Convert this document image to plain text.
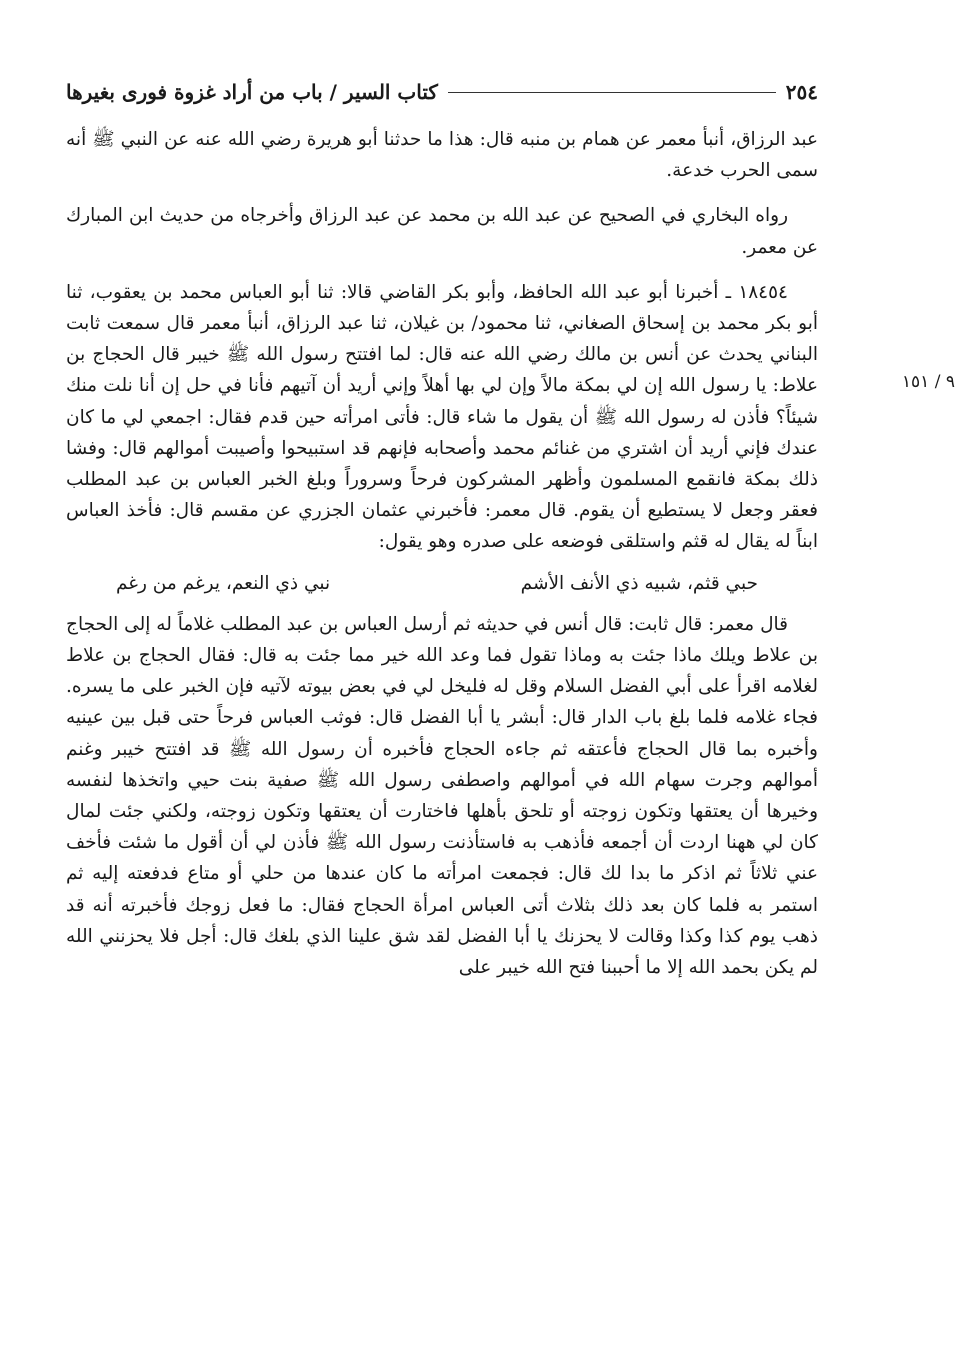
٢٥٤
كتاب السير / باب من أراد غزوة فورى بغيرها
٩ / ١٥١

عبد الرزاق، أنبأ معمر عن همام بن منبه قال: هذا ما حدثنا أبو هريرة رضي الله عنه عن النبي ﷺ أنه سمى الحرب خدعة.

رواه البخاري في الصحيح عن عبد الله بن محمد عن عبد الرزاق وأخرجاه من حديث ابن المبارك عن معمر.

١٨٤٥٤ ـ أخبرنا أبو عبد الله الحافظ، وأبو بكر القاضي قالا: ثنا أبو العباس محمد بن يعقوب، ثنا أبو بكر محمد بن إسحاق الصغاني، ثنا محمود/ بن غيلان، ثنا عبد الرزاق، أنبأ معمر قال سمعت ثابت البناني يحدث عن أنس بن مالك رضي الله عنه قال: لما افتتح رسول الله ﷺ خيبر قال الحجاج بن علاط: يا رسول الله إن لي بمكة مالاً وإن لي بها أهلاً وإني أريد أن آتيهم فأنا في حل إن أنا نلت منك شيئاً؟ فأذن له رسول الله ﷺ أن يقول ما شاء قال: فأتى امرأته حين قدم فقال: اجمعي لي ما كان عندك فإني أريد أن اشتري من غنائم محمد وأصحابه فإنهم قد استبيحوا وأصيبت أموالهم قال: وفشا ذلك بمكة فانقمع المسلمون وأظهر المشركون فرحاً وسروراً وبلغ الخبر العباس بن عبد المطلب فعقر وجعل لا يستطيع أن يقوم. قال معمر: فأخبرني عثمان الجزري عن مقسم قال: فأخذ العباس ابناً له يقال له قثم واستلقى فوضعه على صدره وهو يقول:

حبي قثم، شبيه ذي الأنف الأشم
نبي ذي النعم، يرغم من رغم

قال معمر: قال ثابت: قال أنس في حديثه ثم أرسل العباس بن عبد المطلب غلاماً له إلى الحجاج بن علاط ويلك ماذا جئت به وماذا تقول فما وعد الله خير مما جئت به قال: فقال الحجاج بن علاط لغلامه اقرأ على أبي الفضل السلام وقل له فليخل لي في بعض بيوته لآتيه فإن الخبر على ما يسره. فجاء غلامه فلما بلغ باب الدار قال: أبشر يا أبا الفضل قال: فوثب العباس فرحاً حتى قبل بين عينيه وأخبره بما قال الحجاج فأعتقه ثم جاءه الحجاج فأخبره أن رسول الله ﷺ قد افتتح خيبر وغنم أموالهم وجرت سهام الله في أموالهم واصطفى رسول الله ﷺ صفية بنت حيي واتخذها لنفسه وخيرها أن يعتقها وتكون زوجته أو تلحق بأهلها فاختارت أن يعتقها وتكون زوجته، ولكني جئت لمال كان لي ههنا اردت أن أجمعه فأذهب به فاستأذنت رسول الله ﷺ فأذن لي أن أقول ما شئت فأخف عني ثلاثاً ثم اذكر ما بدا لك قال: فجمعت امرأته ما كان عندها من حلي أو متاع فدفعته إليه ثم استمر به فلما كان بعد ذلك بثلاث أتى العباس امرأة الحجاج فقال: ما فعل زوجك فأخبرته أنه قد ذهب يوم كذا وكذا وقالت لا يحزنك يا أبا الفضل لقد شق علينا الذي بلغك قال: أجل فلا يحزنني الله لم يكن بحمد الله إلا ما أحببنا فتح الله خيبر على
